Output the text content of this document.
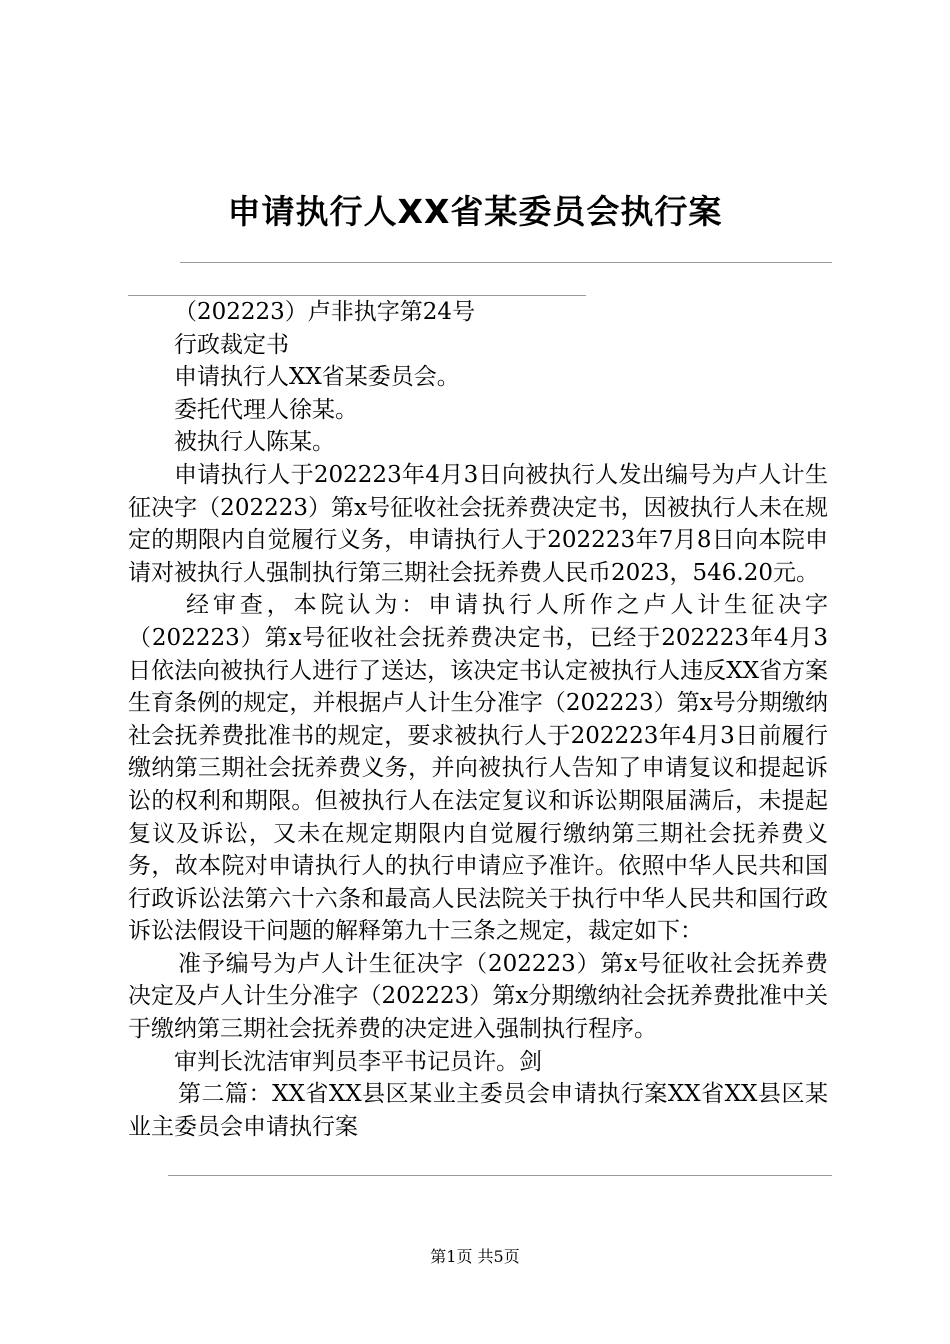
申请执行人XX省某委员会执行案

（202223）卢非执字第24号

行政裁定书

申请执行人XX省某委员会。

委托代理人徐某。

被执行人陈某。

申请执行人于202223年4月3日向被执行人发出编号为卢人计生征决字（202223）第x号征收社会抚养费决定书，因被执行人未在规定的期限内自觉履行义务，申请执行人于202223年7月8日向本院申请对被执行人强制执行第三期社会抚养费人民币2023，546.20元。

经审查，本院认为：申请执行人所作之卢人计生征决字（202223）第x号征收社会抚养费决定书，已经于202223年4月3日依法向被执行人进行了送达，该决定书认定被执行人违反XX省方案生育条例的规定，并根据卢人计生分准字（202223）第x号分期缴纳社会抚养费批准书的规定，要求被执行人于202223年4月3日前履行缴纳第三期社会抚养费义务，并向被执行人告知了申请复议和提起诉讼的权利和期限。但被执行人在法定复议和诉讼期限届满后，未提起复议及诉讼，又未在规定期限内自觉履行缴纳第三期社会抚养费义务，故本院对申请执行人的执行申请应予准许。依照中华人民共和国行政诉讼法第六十六条和最高人民法院关于执行中华人民共和国行政诉讼法假设干问题的解释第九十三条之规定，裁定如下：

准予编号为卢人计生征决字（202223）第x号征收社会抚养费决定及卢人计生分准字（202223）第x分期缴纳社会抚养费批准中关于缴纳第三期社会抚养费的决定进入强制执行程序。

审判长沈洁审判员李平书记员许。剑

第二篇：XX省XX县区某业主委员会申请执行案XX省XX县区某业主委员会申请执行案

第1页 共5页
